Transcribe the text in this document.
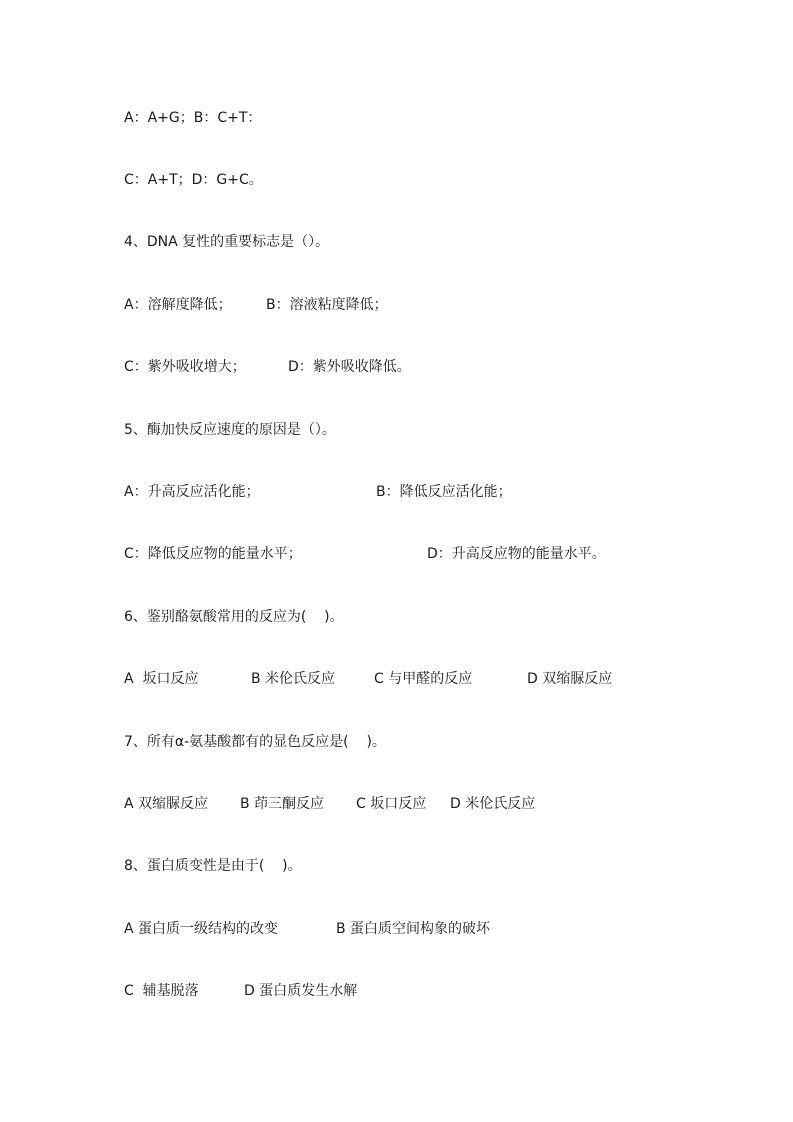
A：A+G；B：C+T：
C：A+T；D：G+C。
4、DNA 复性的重要标志是（）。
A：溶解度降低； B：溶液粘度降低；
C：紫外吸收增大；	D：紫外吸收降低。
5、酶加快反应速度的原因是（）。
A：升高反应活化能；	B：降低反应活化能；
C：降低反应物的能量水平；	D：升高反应物的能量水平。
6、鉴别酪氨酸常用的反应为(    )。
A  坂口反应	B 米伦氏反应	C 与甲醛的反应	D 双缩脲反应
7、所有α-氨基酸都有的显色反应是(    )。
A 双缩脲反应 B 茚三酮反应 C 坂口反应 D 米伦氏反应
8、蛋白质变性是由于(    )。
A 蛋白质一级结构的改变	B 蛋白质空间构象的破坏
C  辅基脱落	D 蛋白质发生水解
